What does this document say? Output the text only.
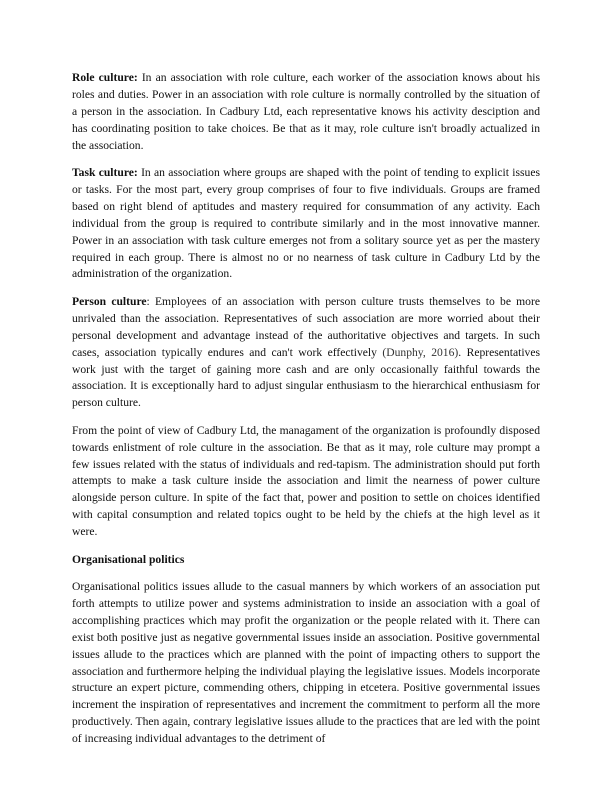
Role culture: In an association with role culture, each worker of the association knows about his roles and duties. Power in an association with role culture is normally controlled by the situation of a person in the association. In Cadbury Ltd, each representative knows his activity desciption and has coordinating position to take choices. Be that as it may, role culture isn't broadly actualized in the association.

Task culture: In an association where groups are shaped with the point of tending to explicit issues or tasks. For the most part, every group comprises of four to five individuals. Groups are framed based on right blend of aptitudes and mastery required for consummation of any activity. Each individual from the group is required to contribute similarly and in the most innovative manner. Power in an association with task culture emerges not from a solitary source yet as per the mastery required in each group. There is almost no or no nearness of task culture in Cadbury Ltd by the administration of the organization.

Person culture: Employees of an association with person culture trusts themselves to be more unrivaled than the association. Representatives of such association are more worried about their personal development and advantage instead of the authoritative objectives and targets. In such cases, association typically endures and can't work effectively (Dunphy, 2016). Representatives work just with the target of gaining more cash and are only occasionally faithful towards the association. It is exceptionally hard to adjust singular enthusiasm to the hierarchical enthusiasm for person culture.

From the point of view of Cadbury Ltd, the managament of the organization is profoundly disposed towards enlistment of role culture in the association. Be that as it may, role culture may prompt a few issues related with the status of individuals and red-tapism. The administration should put forth attempts to make a task culture inside the association and limit the nearness of power culture alongside person culture. In spite of the fact that, power and position to settle on choices identified with capital consumption and related topics ought to be held by the chiefs at the high level as it were.

Organisational politics

Organisational politics issues allude to the casual manners by which workers of an association put forth attempts to utilize power and systems administration to inside an association with a goal of accomplishing practices which may profit the organization or the people related with it. There can exist both positive just as negative governmental issues inside an association. Positive governmental issues allude to the practices which are planned with the point of impacting others to support the association and furthermore helping the individual playing the legislative issues. Models incorporate structure an expert picture, commending others, chipping in etcetera. Positive governmental issues increment the inspiration of representatives and increment the commitment to perform all the more productively. Then again, contrary legislative issues allude to the practices that are led with the point of increasing individual advantages to the detriment of
